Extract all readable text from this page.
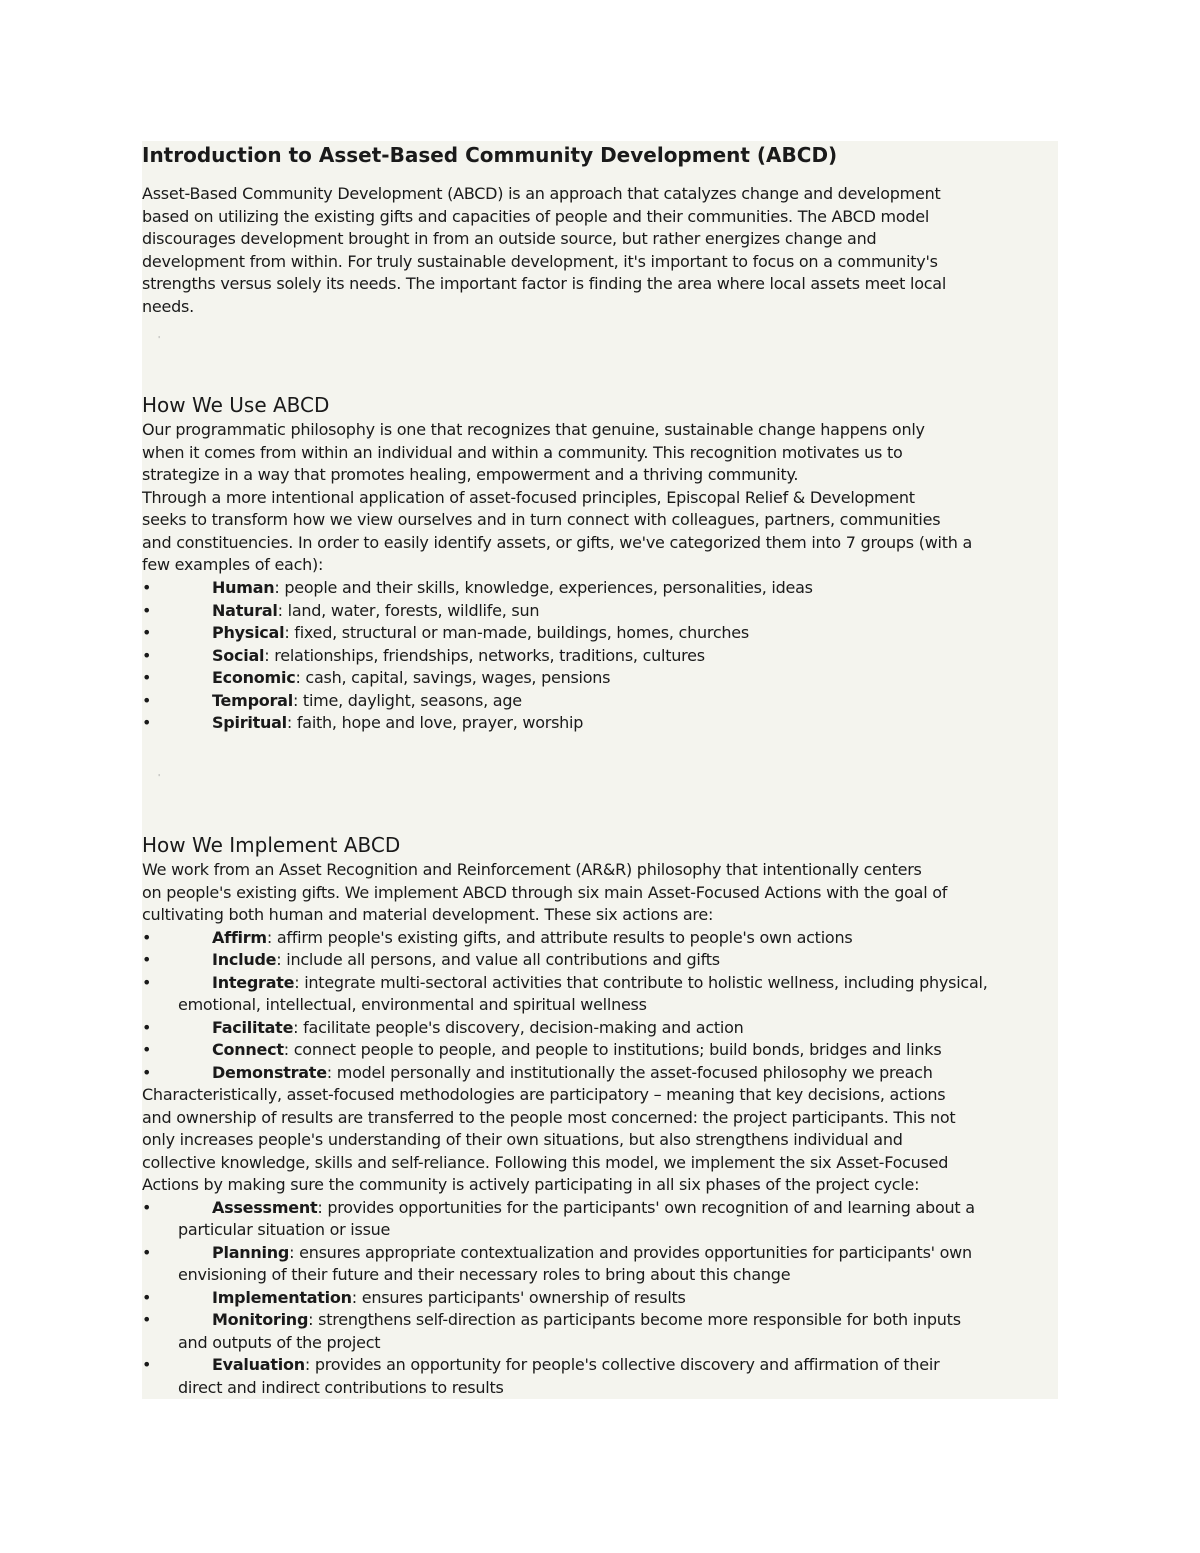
Introduction to Asset-Based Community Development (ABCD)
Asset-Based Community Development (ABCD) is an approach that catalyzes change and development
based on utilizing the existing gifts and capacities of people and their communities. The ABCD model
discourages development brought in from an outside source, but rather energizes change and
development from within. For truly sustainable development, it's important to focus on a community's
strengths versus solely its needs. The important factor is finding the area where local assets meet local
needs.
'
How We Use ABCD
Our programmatic philosophy is one that recognizes that genuine, sustainable change happens only
when it comes from within an individual and within a community. This recognition motivates us to
strategize in a way that promotes healing, empowerment and a thriving community.
Through a more intentional application of asset-focused principles, Episcopal Relief & Development
seeks to transform how we view ourselves and in turn connect with colleagues, partners, communities
and constituencies. In order to easily identify assets, or gifts, we've categorized them into 7 groups (with a
few examples of each):
•	Human: people and their skills, knowledge, experiences, personalities, ideas
•	Natural: land, water, forests, wildlife, sun
•	Physical: fixed, structural or man-made, buildings, homes, churches
•	Social: relationships, friendships, networks, traditions, cultures
•	Economic: cash, capital, savings, wages, pensions
•	Temporal: time, daylight, seasons, age
•	Spiritual: faith, hope and love, prayer, worship
'
How We Implement ABCD
We work from an Asset Recognition and Reinforcement (AR&R) philosophy that intentionally centers
on people's existing gifts. We implement ABCD through six main Asset-Focused Actions with the goal of
cultivating both human and material development. These six actions are:
•	Affirm: affirm people's existing gifts, and attribute results to people's own actions
•	Include: include all persons, and value all contributions and gifts
•	Integrate: integrate multi-sectoral activities that contribute to holistic wellness, including physical,
emotional, intellectual, environmental and spiritual wellness
•	Facilitate: facilitate people's discovery, decision-making and action
•	Connect: connect people to people, and people to institutions; build bonds, bridges and links
•	Demonstrate: model personally and institutionally the asset-focused philosophy we preach
Characteristically, asset-focused methodologies are participatory – meaning that key decisions, actions
and ownership of results are transferred to the people most concerned: the project participants. This not
only increases people's understanding of their own situations, but also strengthens individual and
collective knowledge, skills and self-reliance. Following this model, we implement the six Asset-Focused
Actions by making sure the community is actively participating in all six phases of the project cycle:
•	Assessment: provides opportunities for the participants' own recognition of and learning about a
particular situation or issue
•	Planning: ensures appropriate contextualization and provides opportunities for participants' own
envisioning of their future and their necessary roles to bring about this change
•	Implementation: ensures participants' ownership of results
•	Monitoring: strengthens self-direction as participants become more responsible for both inputs
and outputs of the project
•	Evaluation: provides an opportunity for people's collective discovery and affirmation of their
direct and indirect contributions to results
